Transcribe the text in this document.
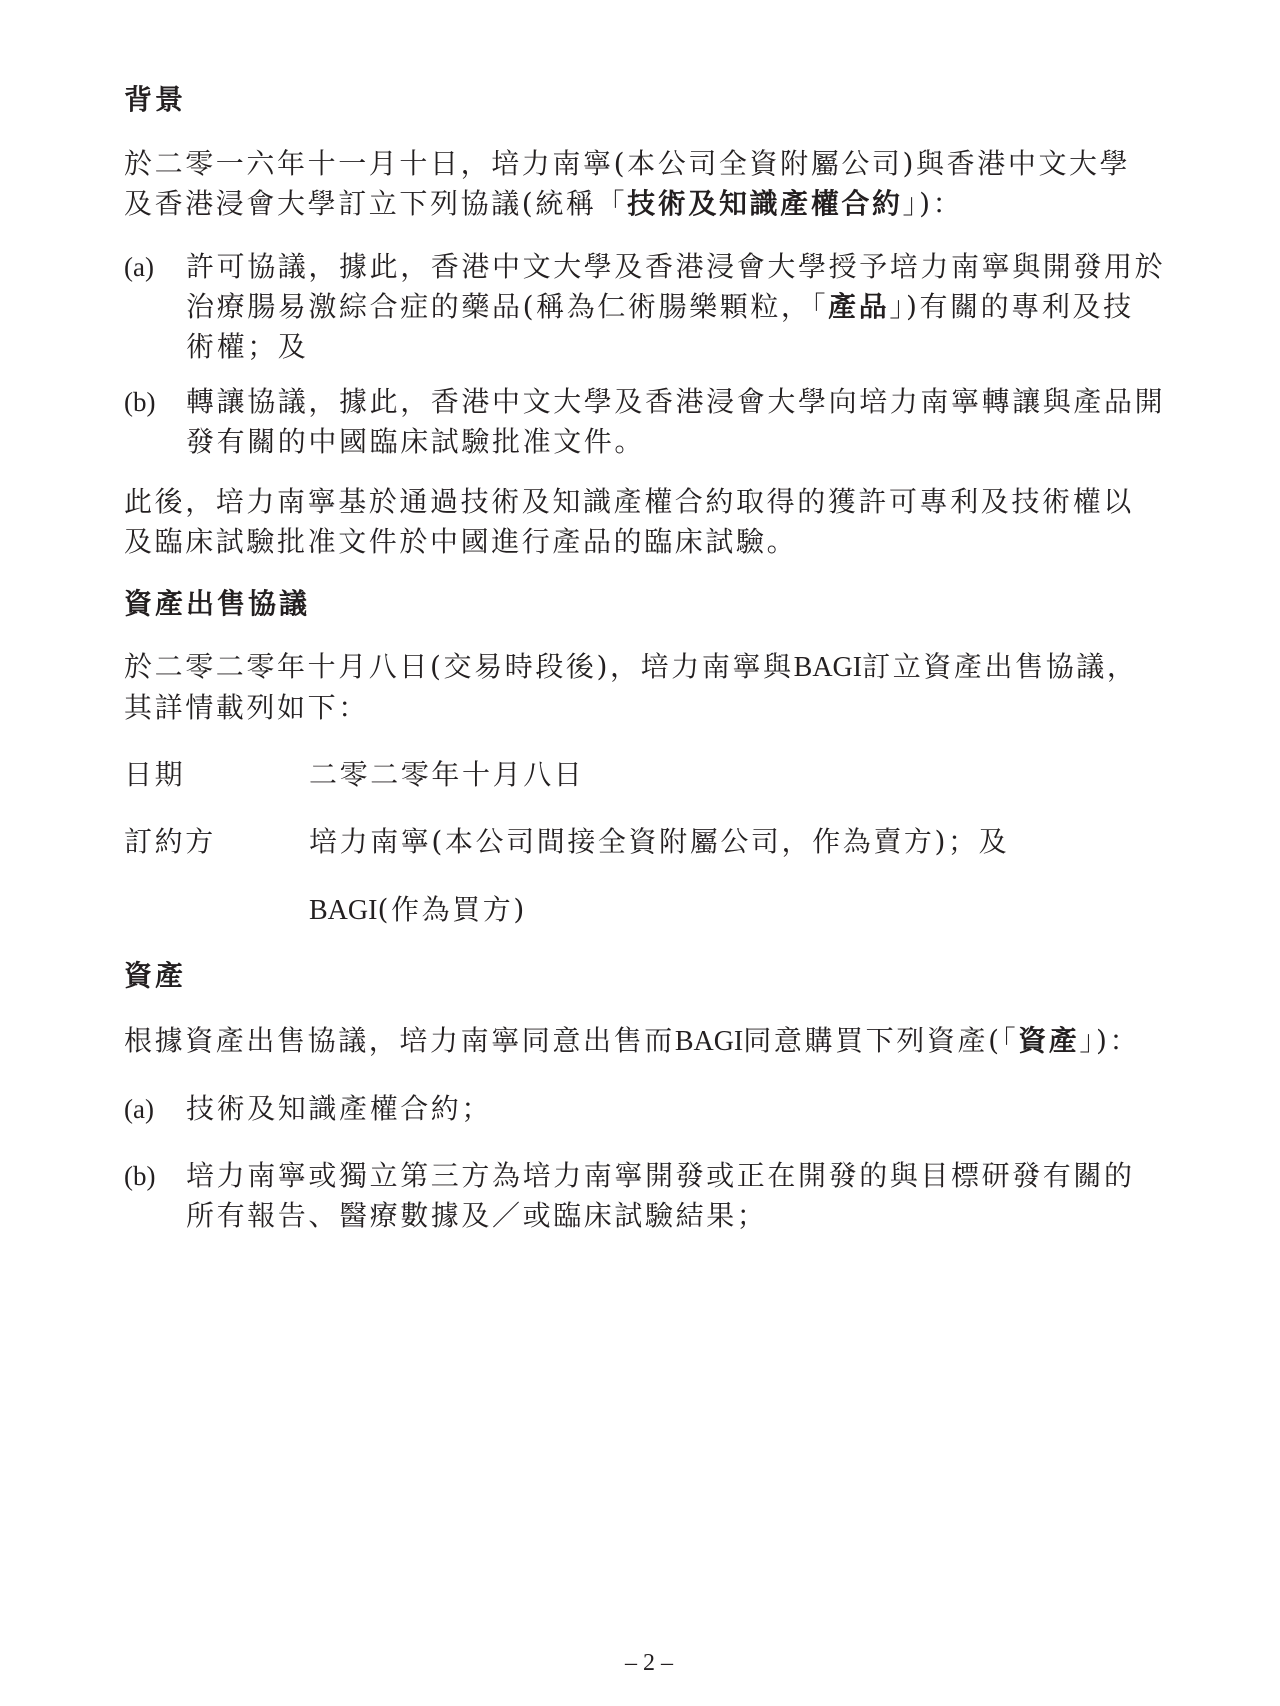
背景

於二零一六年十一月十日，培力南寧(本公司全資附屬公司)與香港中文大學
及香港浸會大學訂立下列協議(統稱「技術及知識產權合約」)：

(a) 許可協議，據此，香港中文大學及香港浸會大學授予培力南寧與開發用於
治療腸易激綜合症的藥品(稱為仁術腸樂顆粒，「產品」)有關的專利及技
術權；及
(b) 轉讓協議，據此，香港中文大學及香港浸會大學向培力南寧轉讓與產品開
發有關的中國臨床試驗批准文件。

此後，培力南寧基於通過技術及知識產權合約取得的獲許可專利及技術權以
及臨床試驗批准文件於中國進行產品的臨床試驗。

資產出售協議

於二零二零年十月八日(交易時段後)，培力南寧與BAGI訂立資產出售協議，
其詳情載列如下：

日期	二零二零年十月八日
訂約方	培力南寧(本公司間接全資附屬公司，作為賣方)；及
BAGI(作為買方)
資產

根據資產出售協議，培力南寧同意出售而BAGI同意購買下列資產(「資產」)：

(a) 技術及知識產權合約；
(b) 培力南寧或獨立第三方為培力南寧開發或正在開發的與目標研發有關的
所有報告、醫療數據及／或臨床試驗結果；
– 2 –
